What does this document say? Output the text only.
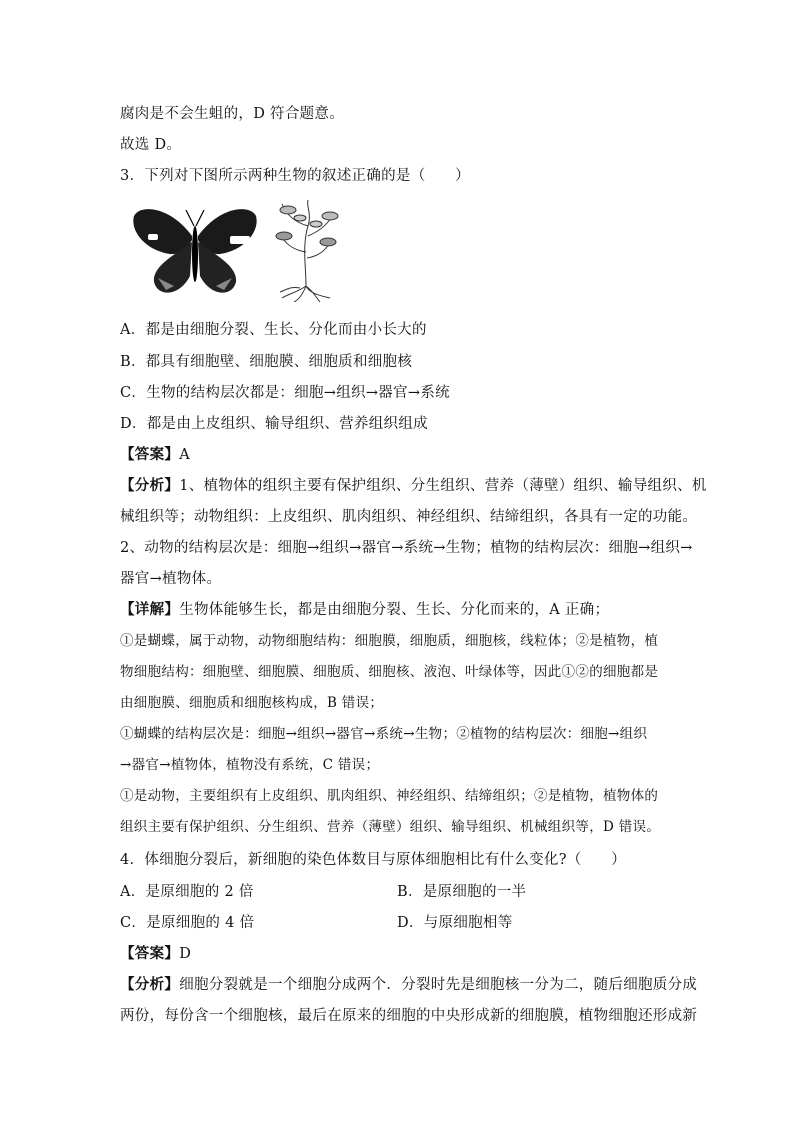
腐肉是不会生蛆的，D 符合题意。
故选 D。
3．下列对下图所示两种生物的叙述正确的是（　　）
A．都是由细胞分裂、生长、分化而由小长大的
B．都具有细胞壁、细胞膜、细胞质和细胞核
C．生物的结构层次都是：细胞→组织→器官→系统
D．都是由上皮组织、输导组织、营养组织组成
【答案】A
【分析】1、植物体的组织主要有保护组织、分生组织、营养（薄壁）组织、输导组织、机
械组织等；动物组织：上皮组织、肌肉组织、神经组织、结缔组织，各具有一定的功能。
2、动物的结构层次是：细胞→组织→器官→系统→生物；植物的结构层次：细胞→组织→
器官→植物体。
【详解】生物体能够生长，都是由细胞分裂、生长、分化而来的，A 正确；
①是蝴蝶，属于动物，动物细胞结构：细胞膜，细胞质，细胞核，线粒体；②是植物，植
物细胞结构：细胞壁、细胞膜、细胞质、细胞核、液泡、叶绿体等，因此①②的细胞都是
由细胞膜、细胞质和细胞核构成，B 错误；
①蝴蝶的结构层次是：细胞→组织→器官→系统→生物；②植物的结构层次：细胞→组织
→器官→植物体，植物没有系统，C 错误；
①是动物，主要组织有上皮组织、肌肉组织、神经组织、结缔组织；②是植物，植物体的
组织主要有保护组织、分生组织、营养（薄壁）组织、输导组织、机械组织等，D 错误。
4．体细胞分裂后，新细胞的染色体数目与原体细胞相比有什么变化?（　　）
A．是原细胞的 2 倍	B．是原细胞的一半
C．是原细胞的 4 倍	D．与原细胞相等
【答案】D
【分析】细胞分裂就是一个细胞分成两个．分裂时先是细胞核一分为二，随后细胞质分成
两份，每份含一个细胞核，最后在原来的细胞的中央形成新的细胞膜，植物细胞还形成新
